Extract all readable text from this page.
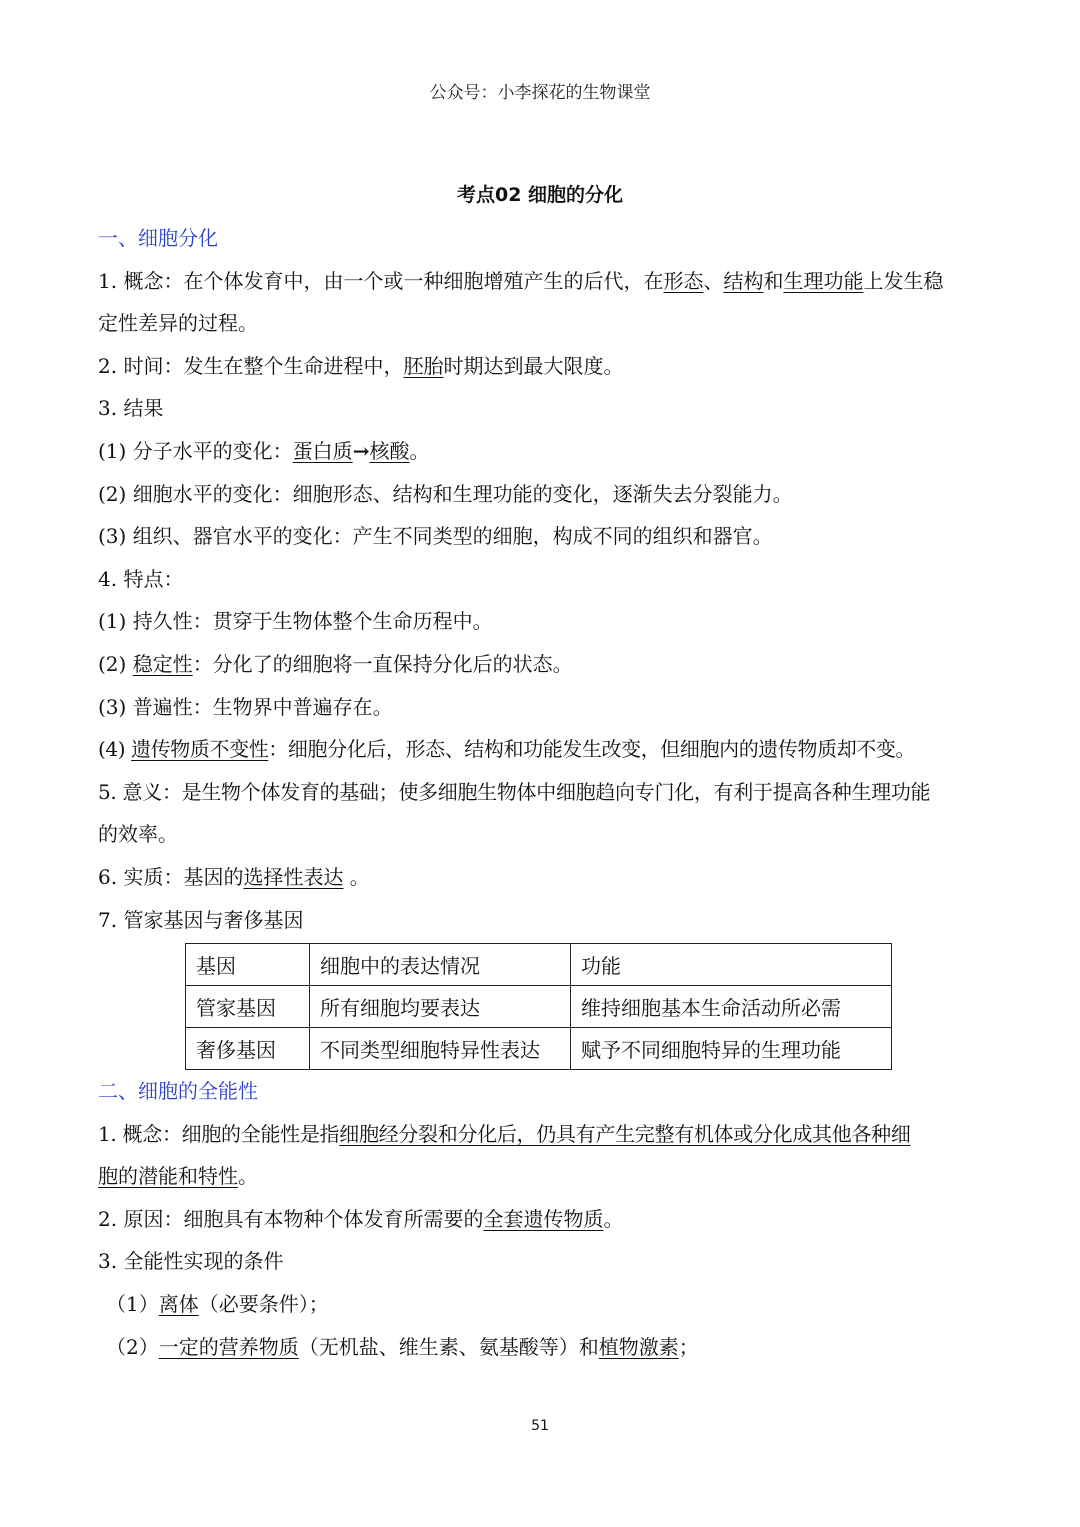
公众号：小李探花的生物课堂
考点02 细胞的分化
一、细胞分化
1. 概念：在个体发育中，由一个或一种细胞增殖产生的后代，在形态、结构和生理功能上发生稳
定性差异的过程。
2. 时间：发生在整个生命进程中，胚胎时期达到最大限度。
3. 结果
(1) 分子水平的变化：蛋白质→核酸。
(2) 细胞水平的变化：细胞形态、结构和生理功能的变化，逐渐失去分裂能力。
(3) 组织、器官水平的变化：产生不同类型的细胞，构成不同的组织和器官。
4. 特点：
(1) 持久性：贯穿于生物体整个生命历程中。
(2) 稳定性：分化了的细胞将一直保持分化后的状态。
(3) 普遍性：生物界中普遍存在。
(4) 遗传物质不变性：细胞分化后，形态、结构和功能发生改变，但细胞内的遗传物质却不变。
5. 意义：是生物个体发育的基础；使多细胞生物体中细胞趋向专门化，有利于提高各种生理功能
的效率。
6. 实质：基因的选择性表达 。
7. 管家基因与奢侈基因
基因	细胞中的表达情况	功能
管家基因	所有细胞均要表达	维持细胞基本生命活动所必需
奢侈基因	不同类型细胞特异性表达	赋予不同细胞特异的生理功能
二、细胞的全能性
1. 概念：细胞的全能性是指细胞经分裂和分化后，仍具有产生完整有机体或分化成其他各种细
胞的潜能和特性。
2. 原因：细胞具有本物种个体发育所需要的全套遗传物质。
3. 全能性实现的条件
（1）离体（必要条件）；
（2）一定的营养物质（无机盐、维生素、氨基酸等）和植物激素；
51
